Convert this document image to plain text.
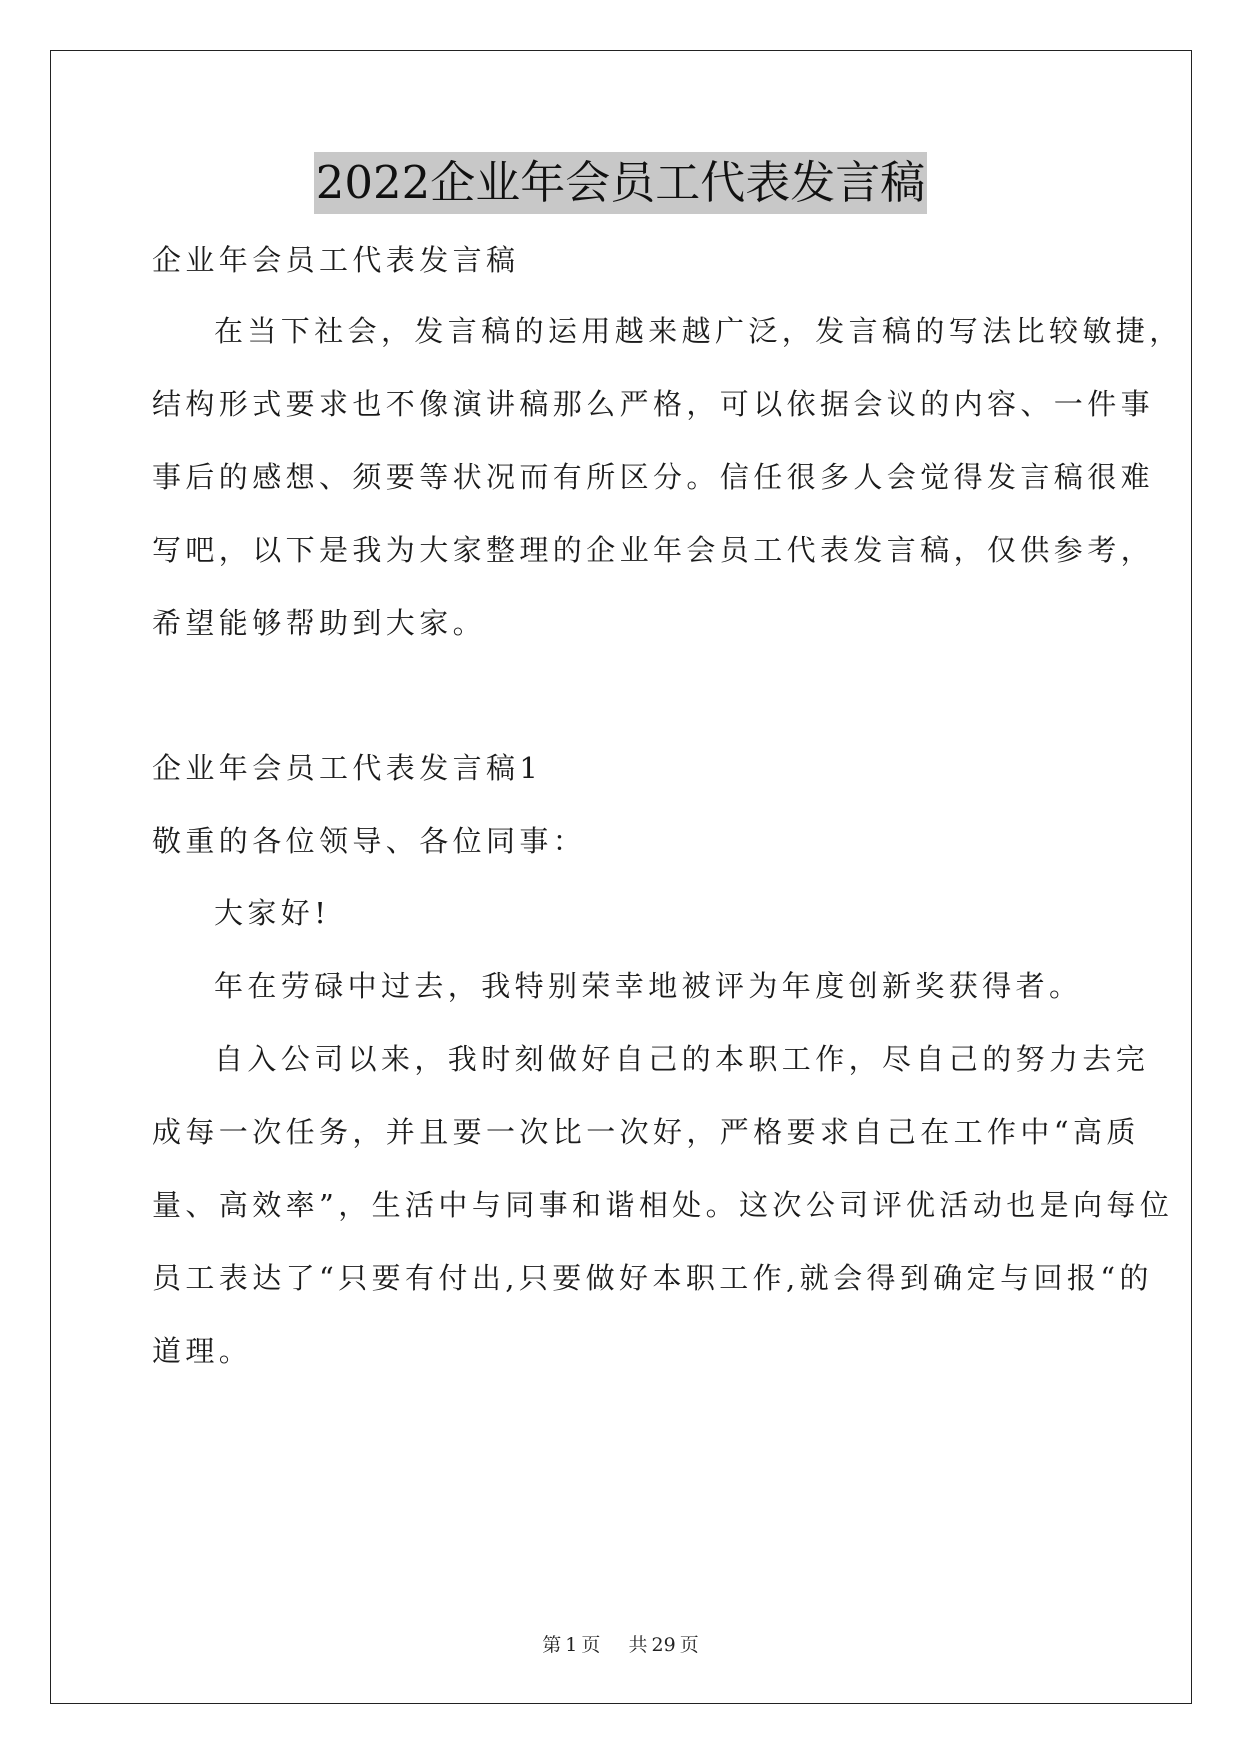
2022企业年会员工代表发言稿
企业年会员工代表发言稿
在当下社会，发言稿的运用越来越广泛，发言稿的写法比较敏捷，
结构形式要求也不像演讲稿那么严格，可以依据会议的内容、一件事
事后的感想、须要等状况而有所区分。信任很多人会觉得发言稿很难
写吧，以下是我为大家整理的企业年会员工代表发言稿，仅供参考，
希望能够帮助到大家。
企业年会员工代表发言稿1
敬重的各位领导、各位同事：
大家好!
年在劳碌中过去，我特别荣幸地被评为年度创新奖获得者。
自入公司以来，我时刻做好自己的本职工作，尽自己的努力去完
成每一次任务，并且要一次比一次好，严格要求自己在工作中“高质
量、高效率”，生活中与同事和谐相处。这次公司评优活动也是向每位
员工表达了“只要有付出,只要做好本职工作,就会得到确定与回报“的
道理。
第 1 页 共 29 页
